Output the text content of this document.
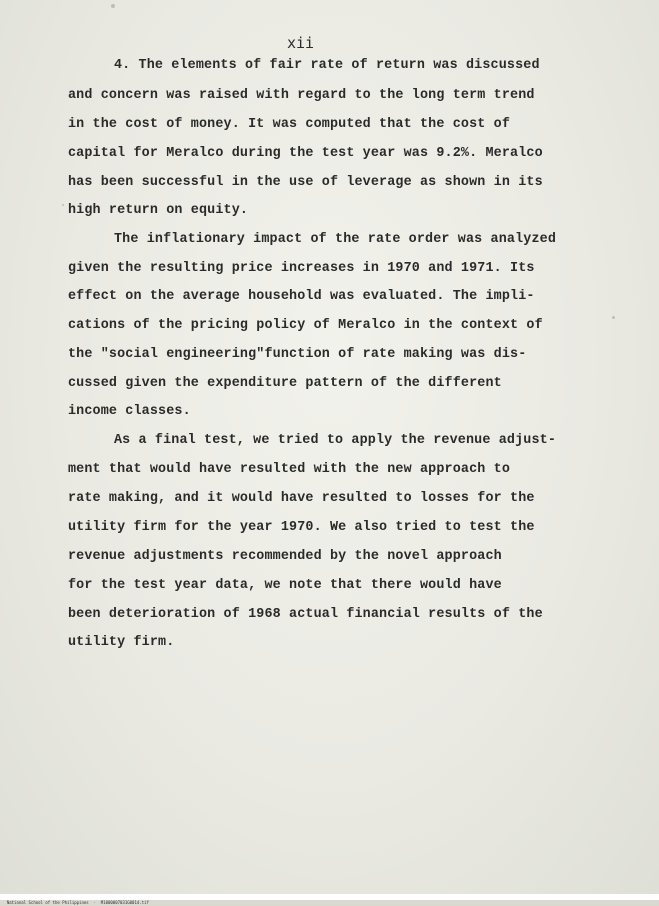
xii
4. The elements of fair rate of return was discussed
and concern was raised with regard to the long term trend
in the cost of money. It was computed that the cost of
capital for Meralco during the test year was 9.2%. Meralco
has been successful in the use of leverage as shown in its
high return on equity.
The inflationary impact of the rate order was analyzed
given the resulting price increases in 1970 and 1971. Its
effect on the average household was evaluated. The impli-
cations of the pricing policy of Meralco in the context of
the "social engineering"function of rate making was dis-
cussed given the expenditure pattern of the different
income classes.
As a final test, we tried to apply the revenue adjust-
ment that would have resulted with the new approach to
rate making, and it would have resulted to losses for the
utility firm for the year 1970. We also tried to test the
revenue adjustments recommended by the novel approach
for the test year data, we note that there would have
been deterioration of 1968 actual financial results of the
utility firm.

National School of the Philippines  ·  M1000007031G0014.tif
